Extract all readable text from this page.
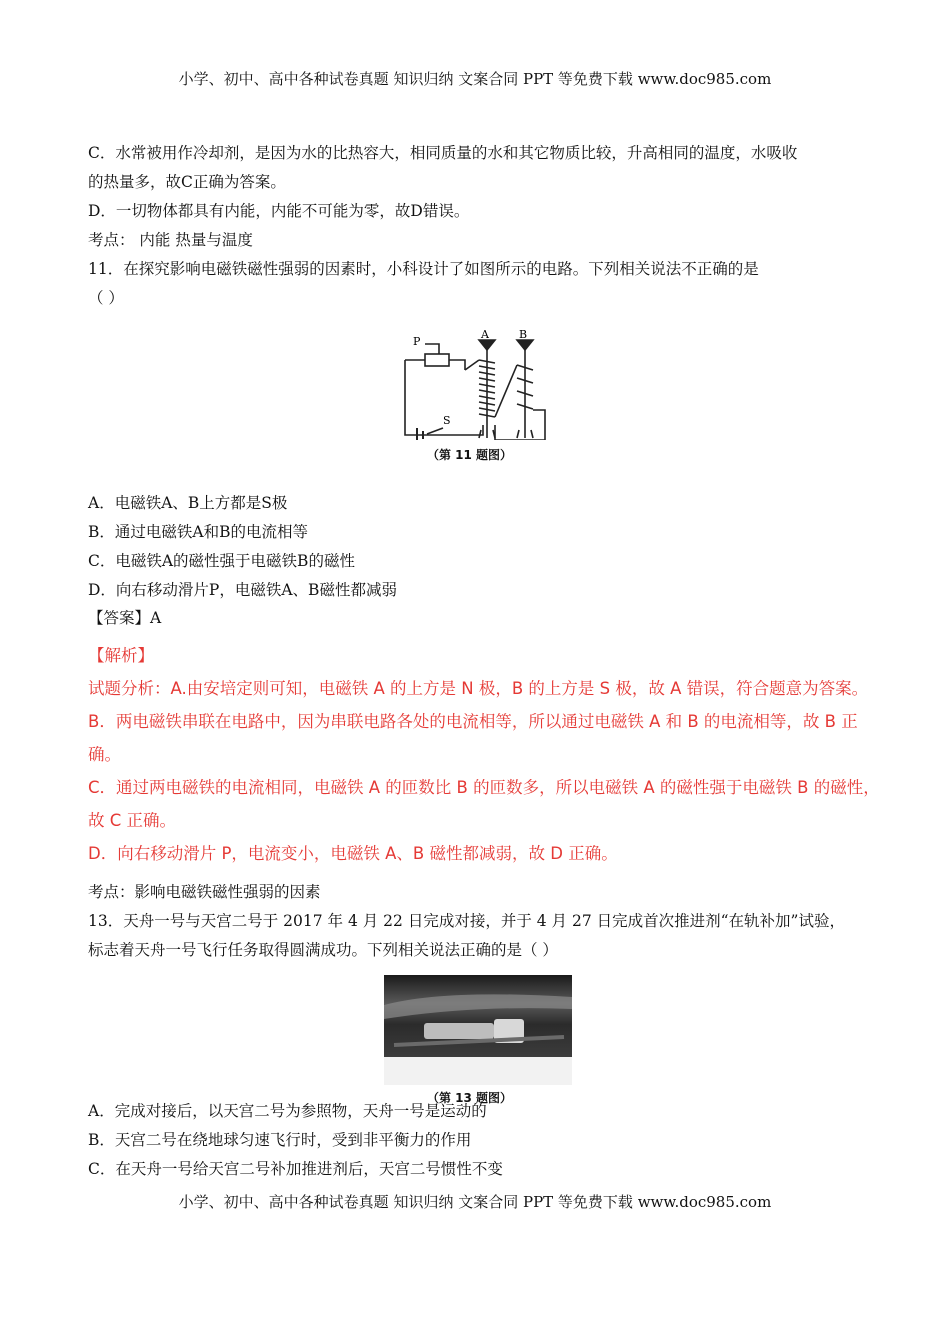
小学、初中、高中各种试卷真题 知识归纳 文案合同 PPT 等免费下载 www.doc985.com
C．水常被用作冷却剂，是因为水的比热容大，相同质量的水和其它物质比较，升高相同的温度，水吸收
的热量多，故C正确为答案。
D．一切物体都具有内能，内能不可能为零，故D错误。
考点： 内能 热量与温度
11．在探究影响电磁铁磁性强弱的因素时，小科设计了如图所示的电路。下列相关说法不正确的是
（ ）
P
A	B
S
（第 11 题图）
A．电磁铁A、B上方都是S极
B．通过电磁铁A和B的电流相等
C．电磁铁A的磁性强于电磁铁B的磁性
D．向右移动滑片P，电磁铁A、B磁性都减弱
【答案】A
【解析】
试题分析：A.由安培定则可知，电磁铁 A 的上方是 N 极，B 的上方是 S 极，故 A 错误，符合题意为答案。
B．两电磁铁串联在电路中，因为串联电路各处的电流相等，所以通过电磁铁 A 和 B 的电流相等，故 B 正
确。
C．通过两电磁铁的电流相同，电磁铁 A 的匝数比 B 的匝数多，所以电磁铁 A 的磁性强于电磁铁 B 的磁性，
故 C 正确。
D．向右移动滑片 P，电流变小，电磁铁 A、B 磁性都减弱，故 D 正确。
考点：影响电磁铁磁性强弱的因素
13．天舟一号与天宫二号于 2017 年 4 月 22 日完成对接，并于 4 月 27 日完成首次推进剂“在轨补加”试验，
标志着天舟一号飞行任务取得圆满成功。下列相关说法正确的是（ ）
（第 13 题图）
A．完成对接后，以天宫二号为参照物，天舟一号是运动的
B．天宫二号在绕地球匀速飞行时，受到非平衡力的作用
C．在天舟一号给天宫二号补加推进剂后，天宫二号惯性不变
小学、初中、高中各种试卷真题 知识归纳 文案合同 PPT 等免费下载 www.doc985.com
